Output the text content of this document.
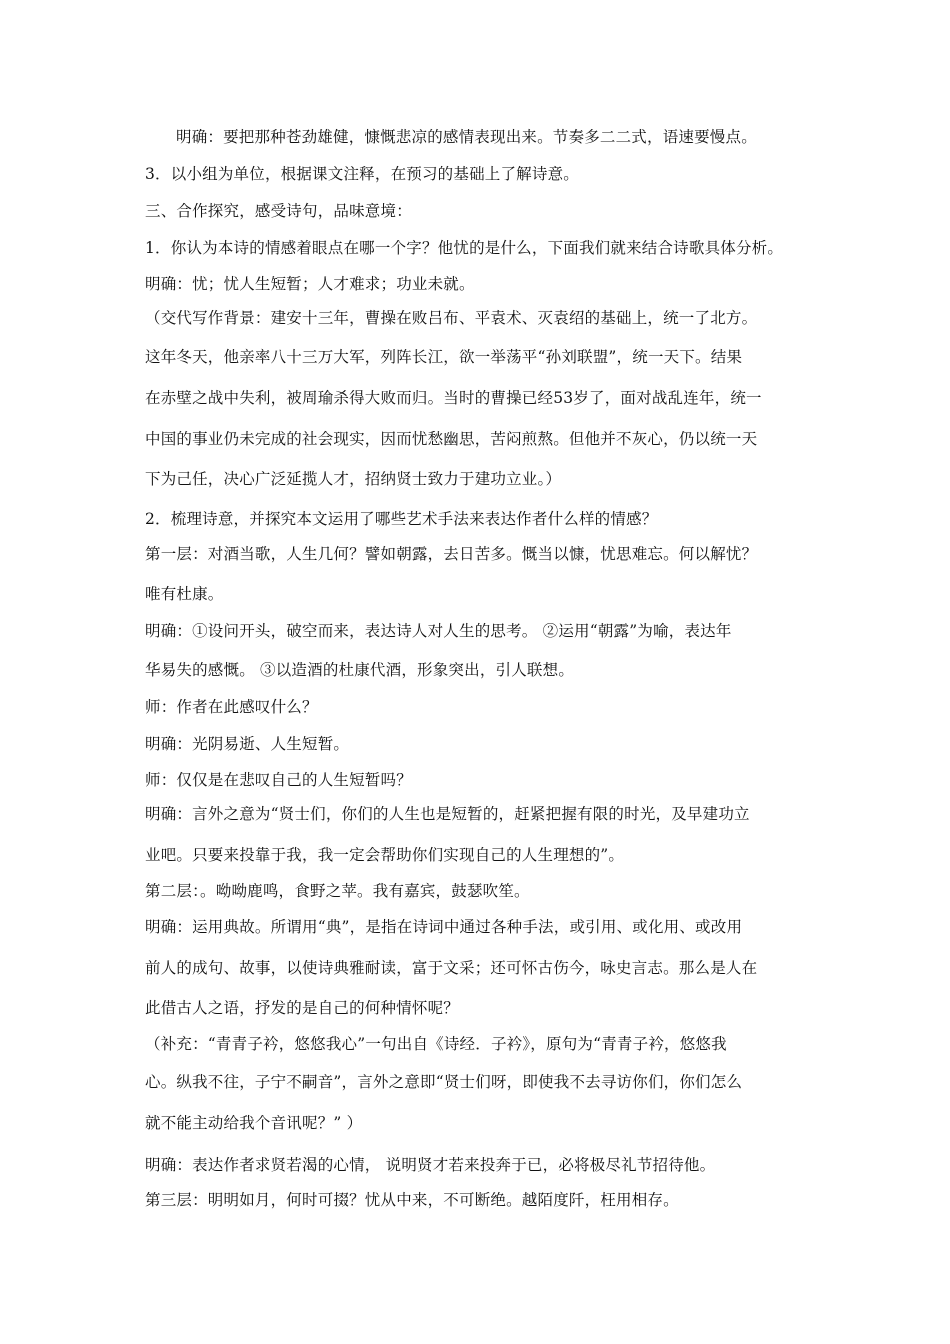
明确：要把那种苍劲雄健，慷慨悲凉的感情表现出来。节奏多二二式，语速要慢点。
3．以小组为单位，根据课文注释，在预习的基础上了解诗意。
三、合作探究，感受诗句，品味意境：
1．你认为本诗的情感着眼点在哪一个字？他忧的是什么，下面我们就来结合诗歌具体分析。
明确：忧；忧人生短暂；人才难求；功业未就。
（交代写作背景：建安十三年，曹操在败吕布、平袁术、灭袁绍的基础上，统一了北方。
这年冬天，他亲率八十三万大军，列阵长江，欲一举荡平“孙刘联盟”，统一天下。结果
在赤壁之战中失利，被周瑜杀得大败而归。当时的曹操已经53岁了，面对战乱连年，统一
中国的事业仍未完成的社会现实，因而忧愁幽思，苦闷煎熬。但他并不灰心，仍以统一天
下为己任，决心广泛延揽人才，招纳贤士致力于建功立业。）
2．梳理诗意，并探究本文运用了哪些艺术手法来表达作者什么样的情感？
第一层：对酒当歌，人生几何？譬如朝露，去日苦多。慨当以慷，忧思难忘。何以解忧？
唯有杜康。
明确：①设问开头，破空而来，表达诗人对人生的思考。 ②运用“朝露”为喻，表达年
华易失的感慨。 ③以造酒的杜康代酒，形象突出，引人联想。
师：作者在此感叹什么？
明确：光阴易逝、人生短暂。
师：仅仅是在悲叹自己的人生短暂吗？
明确：言外之意为“贤士们，你们的人生也是短暂的，赶紧把握有限的时光，及早建功立
业吧。只要来投靠于我，我一定会帮助你们实现自己的人生理想的”。
第二层：。呦呦鹿鸣，食野之苹。我有嘉宾，鼓瑟吹笙。
明确：运用典故。所谓用“典”，是指在诗词中通过各种手法，或引用、或化用、或改用
前人的成句、故事，以使诗典雅耐读，富于文采；还可怀古伤今，咏史言志。那么是人在
此借古人之语，抒发的是自己的何种情怀呢？
（补充：“青青子衿，悠悠我心”一句出自《诗经．子衿》，原句为“青青子衿，悠悠我
心。纵我不往，子宁不嗣音”，言外之意即“贤士们呀，即使我不去寻访你们，你们怎么
就不能主动给我个音讯呢？” ）
明确：表达作者求贤若渴的心情， 说明贤才若来投奔于已，必将极尽礼节招待他。
第三层：明明如月，何时可掇？忧从中来，不可断绝。越陌度阡，枉用相存。
